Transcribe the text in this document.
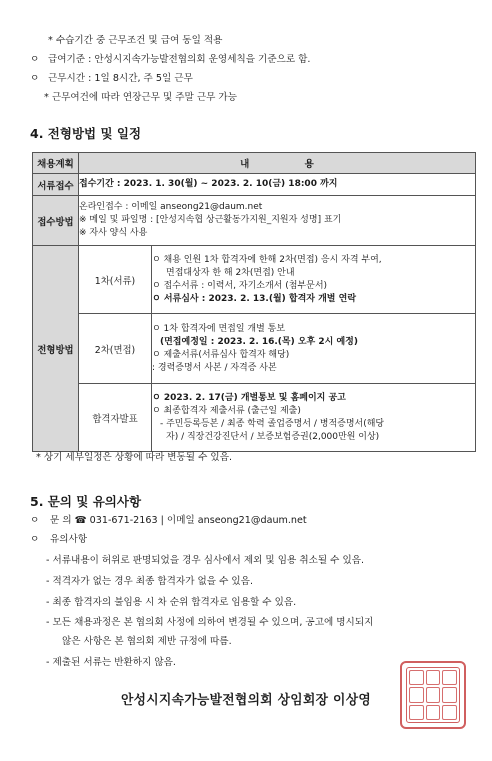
* 수습기간 중 근무조건 및 급여 동일 적용
ㅇ 급여기준 : 안성시지속가능발전협의회 운영세칙을 기준으로 함.
ㅇ 근무시간 : 1일 8시간, 주 5일 근무
* 근무여건에 따라 연장근무 및 주말 근무 가능
4. 전형방법 및 일정
채용계획	내 용	
서류접수	접수기간 : 2023. 1. 30(월) ~ 2023. 2. 10(금) 18:00 까지	
접수방법	온라인접수 : 이메일 anseong21@daum.net
※ 메일 및 파일명 : [안성지속협 상근활동가지원_지원자 성명] 표기
※ 자사 양식 사용	

전형방법	1차(서류)	ㅇ 채용 인원 1차 합격자에 한해 2차(면접) 응시 자격 부여,
면접대상자 한 해 2차(면접) 안내
ㅇ 접수서류 : 이력서, 자기소개서 (첨부문서)
ㅇ 서류심사 : 2023. 2. 13.(월) 합격자 개별 연락

	2차(면접)	ㅇ 1차 합격자에 면접일 개별 통보
(면접예정일 : 2023. 2. 16.(목) 오후 2시 예정)
ㅇ 제출서류(서류심사 합격자 해당)
: 경력증명서 사본 / 자격증 사본

	합격자발표	ㅇ 2023. 2. 17(금) 개별통보 및 홈페이지 공고
ㅇ 최종합격자 제출서류 (출근일 제출)
- 주민등록등본 / 최종 학력 졸업증명서 / 병적증명서(해당
자) / 직장건강진단서 / 보증보험증권(2,000만원 이상)
* 상기 세부일정은 상황에 따라 변동될 수 있음.
5. 문의 및 유의사항
ㅇ 문 의 ☎ 031-671-2163 | 이메일 anseong21@daum.net
ㅇ 유의사항
- 서류내용이 허위로 판명되었을 경우 심사에서 제외 및 임용 취소될 수 있음.
- 적격자가 없는 경우 최종 합격자가 없을 수 있음.
- 최종 합격자의 불임용 시 차 순위 합격자로 임용할 수 있음.
- 모든 채용과정은 본 협의회 사정에 의하여 변경될 수 있으며, 공고에 명시되지
않은 사항은 본 협의회 제반 규정에 따름.
- 제출된 서류는 반환하지 않음.
안성시지속가능발전협의회 상임회장 이상영
